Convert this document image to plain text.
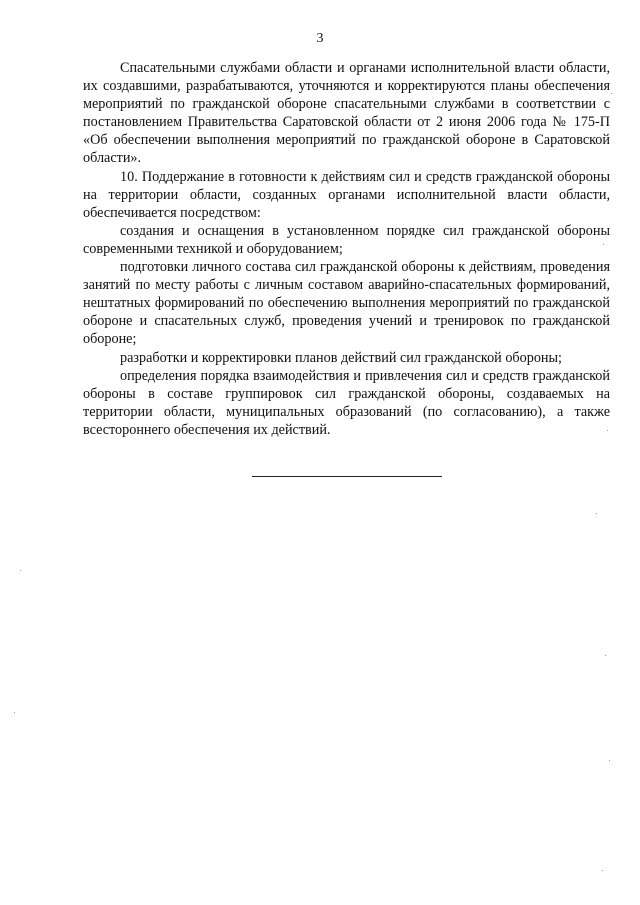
3

Спасательными службами области и органами исполнительной власти области, их создавшими, разрабатываются, уточняются и корректируются планы обеспечения мероприятий по гражданской обороне спасательными службами в соответствии с постановлением Правительства Саратовской области от 2 июня 2006 года № 175-П «Об обеспечении выполнения мероприятий по гражданской обороне в Саратовской области».

10. Поддержание в готовности к действиям сил и средств гражданской обороны на территории области, созданных органами исполнительной власти области, обеспечивается посредством:

создания и оснащения в установленном порядке сил гражданской обороны современными техникой и оборудованием;

подготовки личного состава сил гражданской обороны к действиям, проведения занятий по месту работы с личным составом аварийно-спасательных формирований, нештатных формирований по обеспечению выполнения мероприятий по гражданской обороне и спасательных служб, проведения учений и тренировок по гражданской обороне;

разработки и корректировки планов действий сил гражданской обороны;

определения порядка взаимодействия и привлечения сил и средств гражданской обороны в составе группировок сил гражданской обороны, создаваемых на территории области, муниципальных образований (по согласованию), а также всестороннего обеспечения их действий.
